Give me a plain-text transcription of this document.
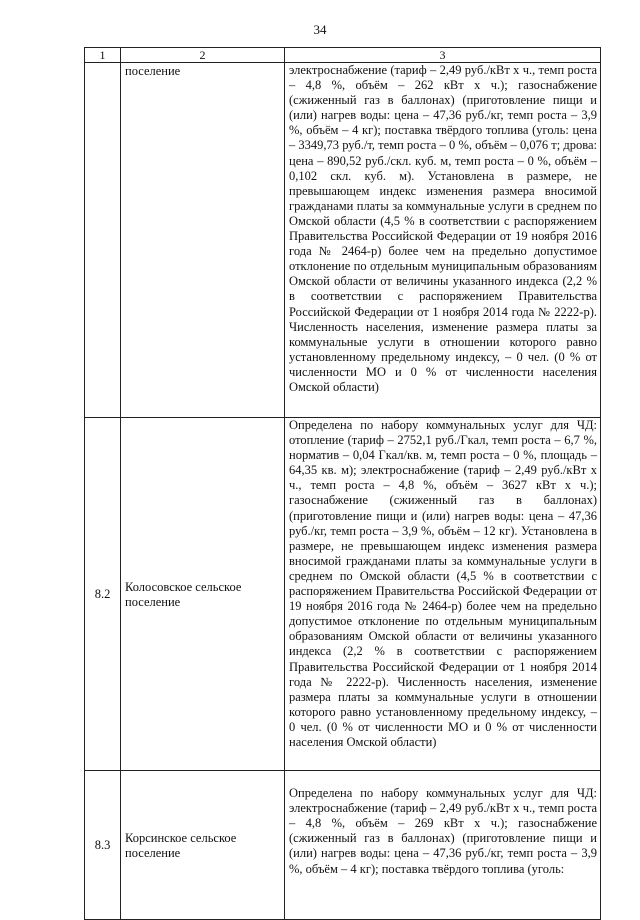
34
1	2	3
	поселение	электроснабжение (тариф – 2,49 руб./кВт х ч., темп роста – 4,8 %, объём – 262 кВт х ч.); газоснабжение (сжиженный газ в баллонах) (приготовление пищи и (или) нагрев воды: цена – 47,36 руб./кг, темп роста – 3,9 %, объём – 4 кг); поставка твёрдого топлива (уголь: цена – 3349,73 руб./т, темп роста – 0 %, объём – 0,076 т; дрова: цена – 890,52 руб./скл. куб. м, темп роста – 0 %, объём – 0,102 скл. куб. м). Установлена в размере, не превышающем индекс изменения размера вносимой гражданами платы за коммунальные услуги в среднем по Омской области (4,5 % в соответствии с распоряжением Правительства Российской Федерации от 19 ноября 2016 года № 2464-р) более чем на предельно допустимое отклонение по отдельным муниципальным образованиям Омской области от величины указанного индекса (2,2 % в соответствии с распоряжением Правительства Российской Федерации от 1 ноября 2014 года № 2222-р). Численность населения, изменение размера платы за коммунальные услуги в отношении которого равно установленному предельному индексу, – 0 чел. (0 % от численности МО и 0 % от численности населения Омской области)
8.2	Колосовское сельское поселение	Определена по набору коммунальных услуг для ЧД: отопление (тариф – 2752,1 руб./Гкал, темп роста – 6,7 %, норматив – 0,04 Гкал/кв. м, темп роста – 0 %, площадь – 64,35 кв. м); электроснабжение (тариф – 2,49 руб./кВт х ч., темп роста – 4,8 %, объём – 3627 кВт х ч.); газоснабжение (сжиженный газ в баллонах) (приготовление пищи и (или) нагрев воды: цена – 47,36 руб./кг, темп роста – 3,9 %, объём – 12 кг). Установлена в размере, не превышающем индекс изменения размера вносимой гражданами платы за коммунальные услуги в среднем по Омской области (4,5 % в соответствии с распоряжением Правительства Российской Федерации от 19 ноября 2016 года № 2464-р) более чем на предельно допустимое отклонение по отдельным муниципальным образованиям Омской области от величины указанного индекса (2,2 % в соответствии с распоряжением Правительства Российской Федерации от 1 ноября 2014 года № 2222-р). Численность населения, изменение размера платы за коммунальные услуги в отношении которого равно установленному предельному индексу, – 0 чел. (0 % от численности МО и 0 % от численности населения Омской области)
8.3	Корсинское сельское поселение	Определена по набору коммунальных услуг для ЧД: электроснабжение (тариф – 2,49 руб./кВт х ч., темп роста – 4,8 %, объём – 269 кВт х ч.); газоснабжение (сжиженный газ в баллонах) (приготовление пищи и (или) нагрев воды: цена – 47,36 руб./кг, темп роста – 3,9 %, объём – 4 кг); поставка твёрдого топлива (уголь:
